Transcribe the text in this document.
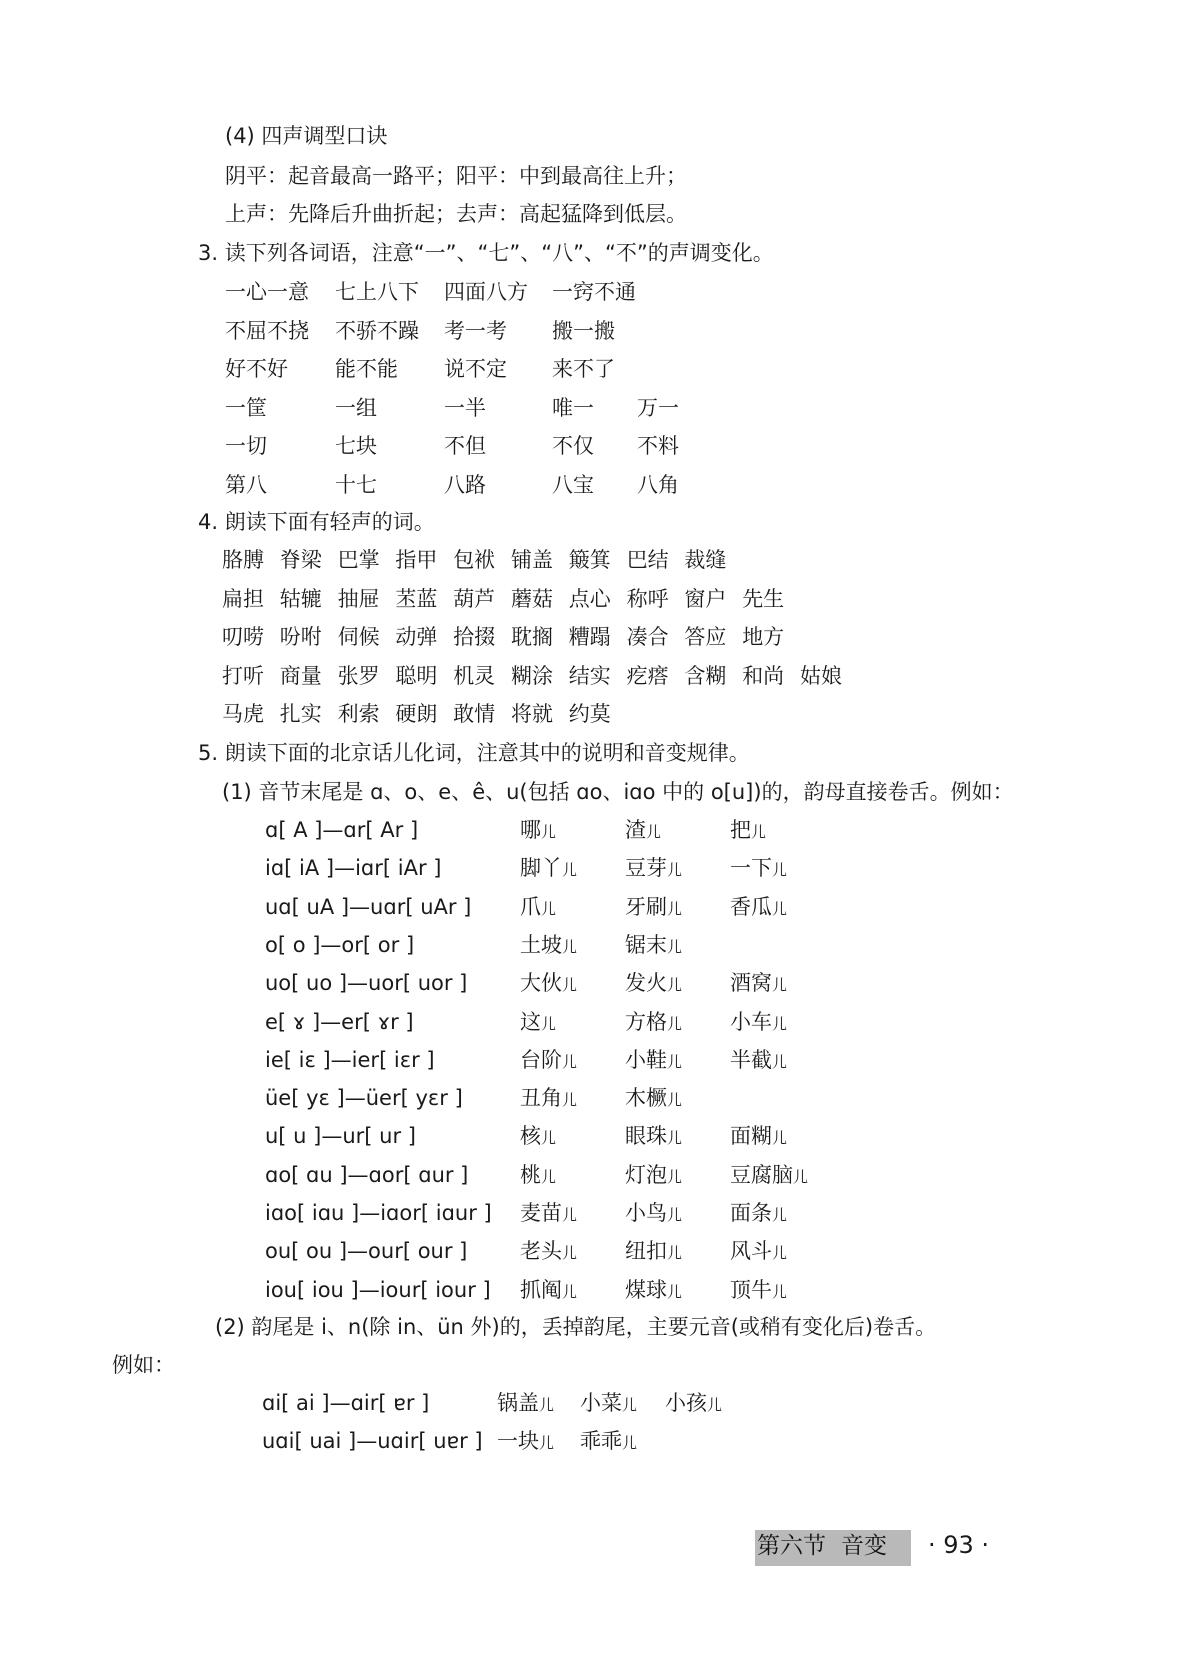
(4) 四声调型口诀
阴平：起音最高一路平；阳平：中到最高往上升；
上声：先降后升曲折起；去声：高起猛降到低层。
3. 读下列各词语，注意“一”、“七”、“八”、“不”的声调变化。
一心一意 七上八下 四面八方 一窍不通
不屈不挠 不骄不躁 考一考 搬一搬
好不好 能不能 说不定 来不了
一筐	一组	一半	唯一 万一
一切	七块	不但	不仅 不料
第八	十七	八路	八宝 八角
4. 朗读下面有轻声的词。
胳膊 脊梁 巴掌 指甲 包袱 铺盖 簸箕 巴结 裁缝
扁担 轱辘 抽屉 苤蓝 葫芦 蘑菇 点心 称呼 窗户 先生
叨唠 吩咐 伺候 动弹 拾掇 耽搁 糟蹋 凑合 答应 地方
打听 商量 张罗 聪明 机灵 糊涂 结实 疙瘩 含糊 和尚 姑娘
马虎 扎实 利索 硬朗 敢情 将就 约莫
5. 朗读下面的北京话儿化词，注意其中的说明和音变规律。
(1) 音节末尾是 ɑ、o、e、ê、u(包括 ɑo、iɑo 中的 o[u])的，韵母直接卷舌。例如：
ɑ[ A ]—ɑr[ Ar ]	哪儿	渣儿	把儿
iɑ[ iA ]—iɑr[ iAr ]	脚丫儿 豆芽儿 一下儿
uɑ[ uA ]—uɑr[ uAr ] 爪儿	牙刷儿 香瓜儿
o[ o ]—or[ or ]	土坡儿 锯末儿
uo[ uo ]—uor[ uor ]	大伙儿 发火儿 酒窝儿
e[ ɤ ]—er[ ɤr ]	这儿	方格儿 小车儿
ie[ iɛ ]—ier[ iɛr ]	台阶儿 小鞋儿 半截儿
üe[ yɛ ]—üer[ yɛr ]	丑角儿 木橛儿
u[ u ]—ur[ ur ]	核儿	眼珠儿 面糊儿
ɑo[ ɑu ]—ɑor[ ɑur ] 桃儿	灯泡儿 豆腐脑儿
iɑo[ iɑu ]—iɑor[ iɑur ] 麦苗儿 小鸟儿 面条儿
ou[ ou ]—our[ our ]	老头儿 纽扣儿 风斗儿
iou[ iou ]—iour[ iour ] 抓阄儿 煤球儿 顶牛儿
(2) 韵尾是 i、n(除 in、ün 外)的，丢掉韵尾，主要元音(或稍有变化后)卷舌。
例如：
ɑi[ ai ]—ɑir[ ɐr ]	锅盖儿 小菜儿 小孩儿
uɑi[ uai ]—uɑir[ uɐr ] 一块儿 乖乖儿
第六节 音变 · 93 ·
